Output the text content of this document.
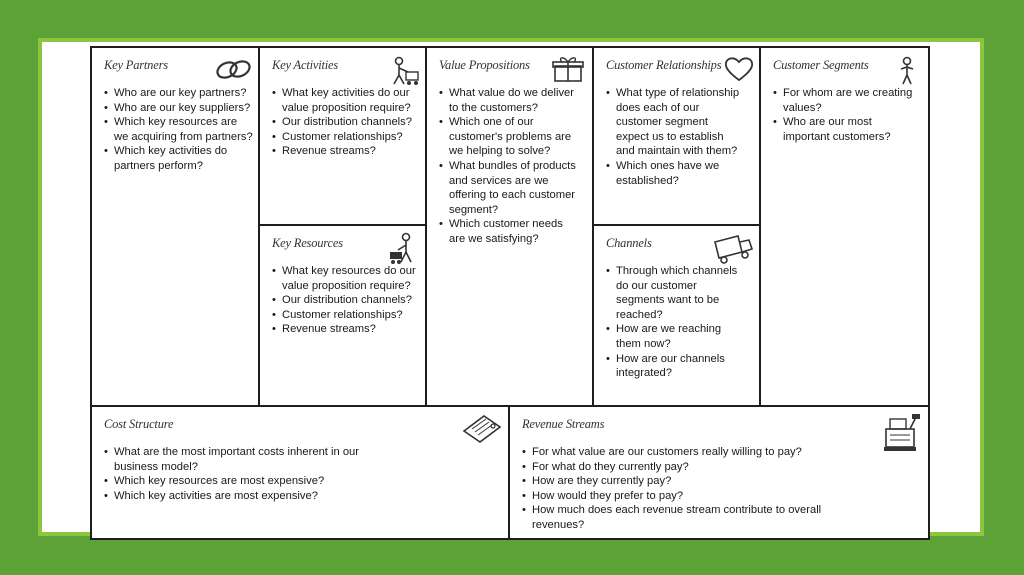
Key Partners
• Who are our key partners?
• Who are our key suppliers?
• Which key resources are we acquiring from partners?
• Which key activities do partners perform?
Key Activities
• What key activities do our value proposition require?
• Our distribution channels?
• Customer relationships?
• Revenue streams?
Key Resources
• What key resources do our value proposition require?
• Our distribution channels?
• Customer relationships?
• Revenue streams?
Value Propositions
• What value do we deliver to the customers?
• Which one of our customer's problems are we helping to solve?
• What bundles of products and services are we offering to each customer segment?
• Which customer needs are we satisfying?
Customer Relationships
• What type of relationship does each of our customer segment expect us to establish and maintain with them?
• Which ones have we established?
Channels
• Through which channels do our customer segments want to be reached?
• How are we reaching them now?
• How are our channels integrated?
Customer Segments
• For whom are we creating values?
• Who are our most important customers?
Cost Structure
• What are the most important costs inherent in our business model?
• Which key resources are most expensive?
• Which key activities are most expensive?
Revenue Streams
• For what value are our customers really willing to pay?
• For what do they currently pay?
• How are they currently pay?
• How would they prefer to pay?
• How much does each revenue stream contribute to overall revenues?
